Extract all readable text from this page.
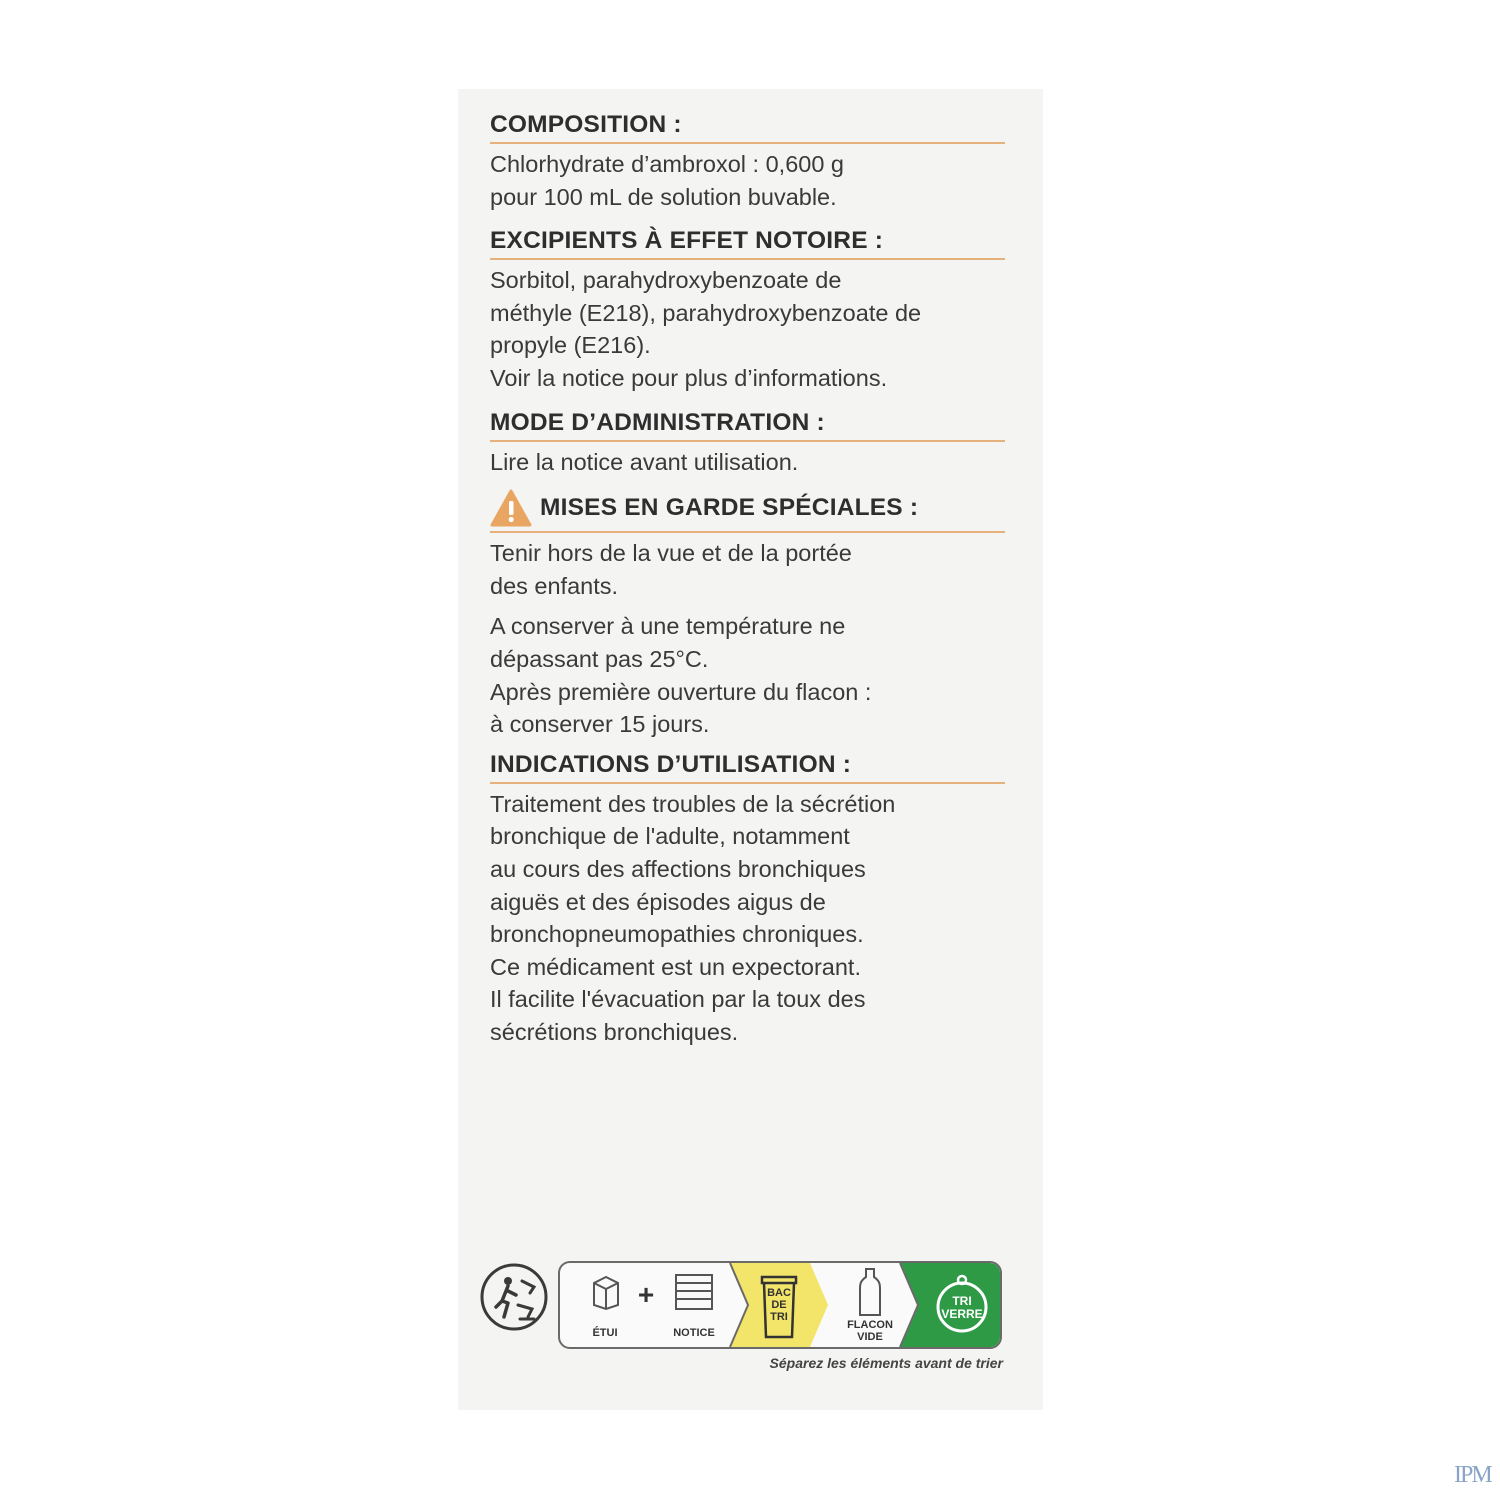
COMPOSITION :
Chlorhydrate d’ambroxol : 0,600 g
pour 100 mL de solution buvable.
EXCIPIENTS À EFFET NOTOIRE :
Sorbitol, parahydroxybenzoate de
méthyle (E218), parahydroxybenzoate de
propyle (E216).
Voir la notice pour plus d’informations.
MODE D’ADMINISTRATION :
Lire la notice avant utilisation.
MISES EN GARDE SPÉCIALES :
Tenir hors de la vue et de la portée
des enfants.
A conserver à une température ne
dépassant pas 25°C.
Après première ouverture du flacon :
à conserver 15 jours.
INDICATIONS D’UTILISATION :
Traitement des troubles de la sécrétion
bronchique de l'adulte, notamment
au cours des affections bronchiques
aiguës et des épisodes aigus de
bronchopneumopathies chroniques.
Ce médicament est un expectorant.
Il facilite l'évacuation par la toux des
sécrétions bronchiques.
ÉTUI
+
NOTICE
BAC
DE
TRI
FLACON
VIDE
TRI
VERRE
Séparez les éléments avant de trier
IPM
